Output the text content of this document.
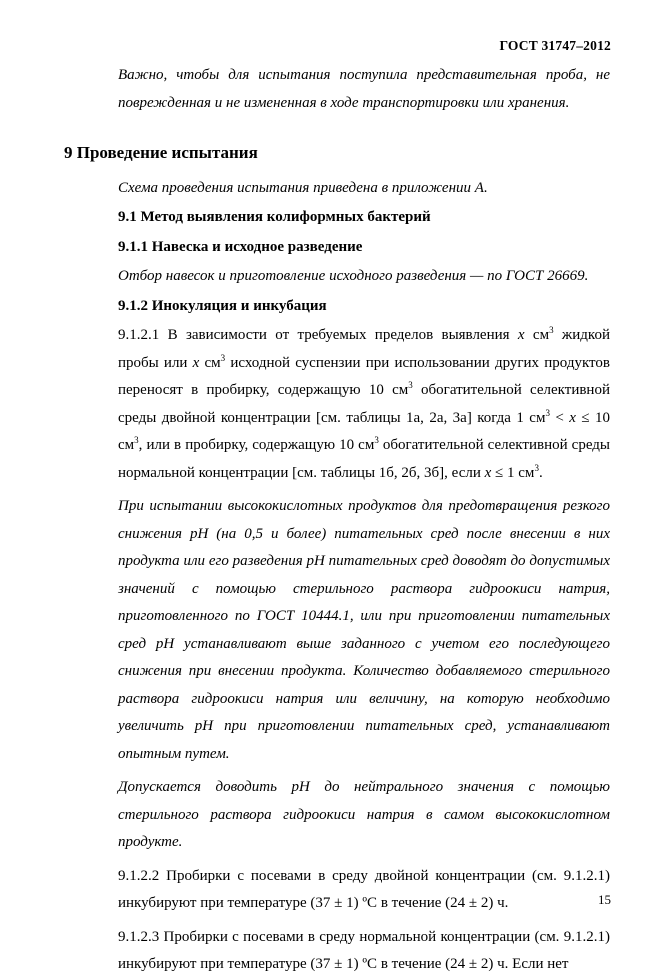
ГОСТ 31747–2012

Важно, чтобы для испытания поступила представительная проба, не поврежденная и не измененная в ходе транспортировки или хранения.

9 Проведение испытания

Схема проведения испытания приведена в приложении А.

9.1 Метод выявления колиформных бактерий

9.1.1 Навеска и исходное разведение

Отбор навесок и приготовление исходного разведения — по ГОСТ 26669.

9.1.2 Инокуляция и инкубация

9.1.2.1 В зависимости от требуемых пределов выявления x $см^3$ жидкой пробы или x $см^3$ исходной суспензии при использовании других продуктов переносят в пробирку, содержащую 10 $см^3$ обогатительной селективной среды двойной концентрации [см. таблицы 1а, 2а, 3а] когда 1 $см^3 < x \le 10$ $см^3$, или в пробирку, содержащую 10 $см^3$ обогатительной селективной среды нормальной концентрации [см. таблицы 1б, 2б, 3б], если x ≤ 1 $см^3$.

При испытании высококислотных продуктов для предотвращения резкого снижения рН (на 0,5 и более) питательных сред после внесении в них продукта или его разведения рН питательных сред доводят до допустимых значений с помощью стерильного раствора гидроокиси натрия, приготовленного по ГОСТ 10444.1, или при приготовлении питательных сред рН устанавливают выше заданного с учетом его последующего снижения при внесении продукта. Количество добавляемого стерильного раствора гидроокиси натрия или величину, на которую необходимо увеличить рН при приготовлении питательных сред, устанавливают опытным путем.

Допускается доводить рН до нейтрального значения с помощью стерильного раствора гидроокиси натрия в самом высококислотном продукте.

9.1.2.2 Пробирки с посевами в среду двойной концентрации (см. 9.1.2.1) инкубируют при температуре (37 ± 1) ºС в течение (24 ± 2) ч.

9.1.2.3 Пробирки с посевами в среду нормальной концентрации (см. 9.1.2.1) инкубируют при температуре (37 ± 1) ºС в течение (24 ± 2) ч. Если нет

15
